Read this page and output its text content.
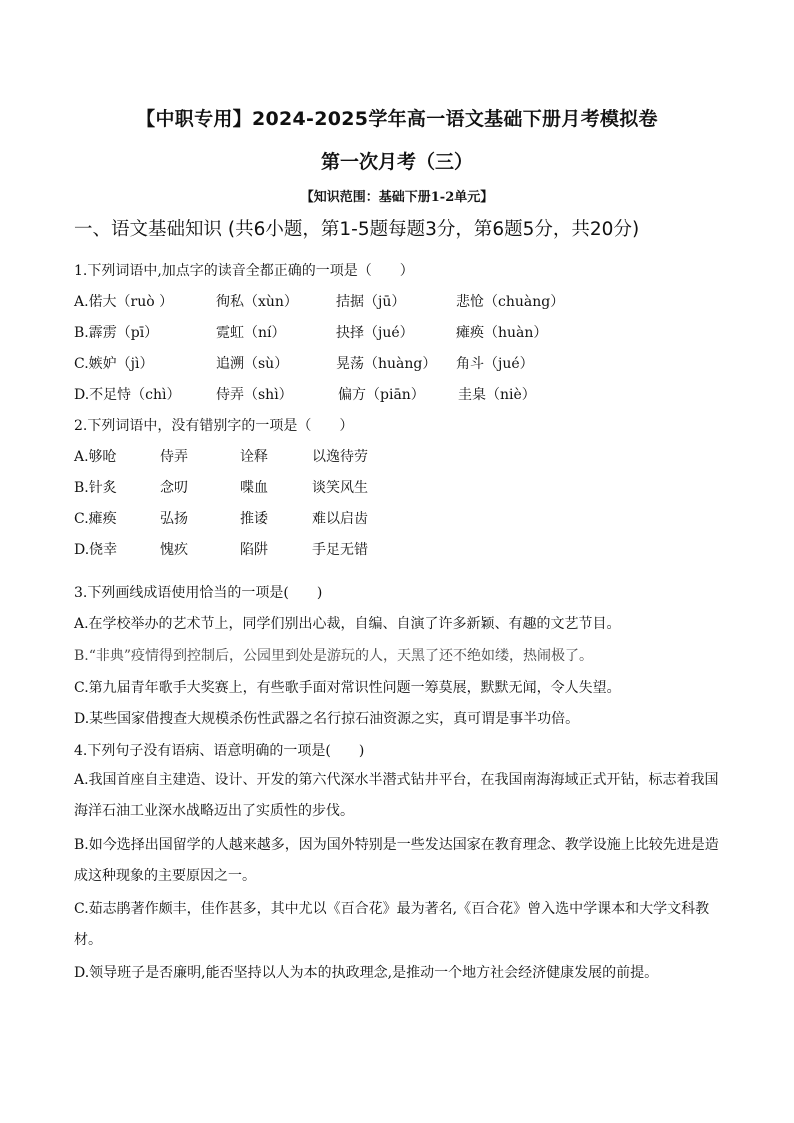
【中职专用】2024-2025学年高一语文基础下册月考模拟卷
第一次月考（三）
【知识范围：基础下册1-2单元】
一、语文基础知识 (共6小题，第1-5题每题3分，第6题5分，共20分)
1.下列词语中,加点字的读音全都正确的一项是（　　）
A.偌大（ruò ）	徇私（xùn）	拮据（jū）	悲怆（chuàng）
B.霹雳（pī）	霓虹（ní）	抉择（jué）	瘫痪（huàn）
C.嫉妒（jì）	追溯（sù）	晃荡（huàng） 角斗（jué）
D.不足恃（chì）	侍弄（shì）	偏方（piān） 圭臬（niè）
2.下列词语中，没有错别字的一项是（　　）
A.够呛	侍弄	诠释	以逸待劳
B.针炙	念叨	喋血	谈笑风生
C.瘫痪	弘扬	推诿	难以启齿
D.侥幸	愧疚	陷阱	手足无错
3.下列画线成语使用恰当的一项是(　　)
A.在学校举办的艺术节上，同学们别出心裁，自编、自演了许多新颖、有趣的文艺节目。
B.“非典”疫情得到控制后，公园里到处是游玩的人，天黑了还不绝如缕，热闹极了。
C.第九届青年歌手大奖赛上，有些歌手面对常识性问题一筹莫展，默默无闻，令人失望。
D.某些国家借搜查大规模杀伤性武器之名行掠石油资源之实，真可谓是事半功倍。
4.下列句子没有语病、语意明确的一项是(　　)
A.我国首座自主建造、设计、开发的第六代深水半潜式钻井平台，在我国南海海域正式开钻，标志着我国海洋石油工业深水战略迈出了实质性的步伐。
B.如今选择出国留学的人越来越多，因为国外特别是一些发达国家在教育理念、教学设施上比较先进是造成这种现象的主要原因之一。
C.茹志鹃著作颇丰，佳作甚多，其中尤以《百合花》最为著名,《百合花》曾入选中学课本和大学文科教材。
D.领导班子是否廉明,能否坚持以人为本的执政理念,是推动一个地方社会经济健康发展的前提。
